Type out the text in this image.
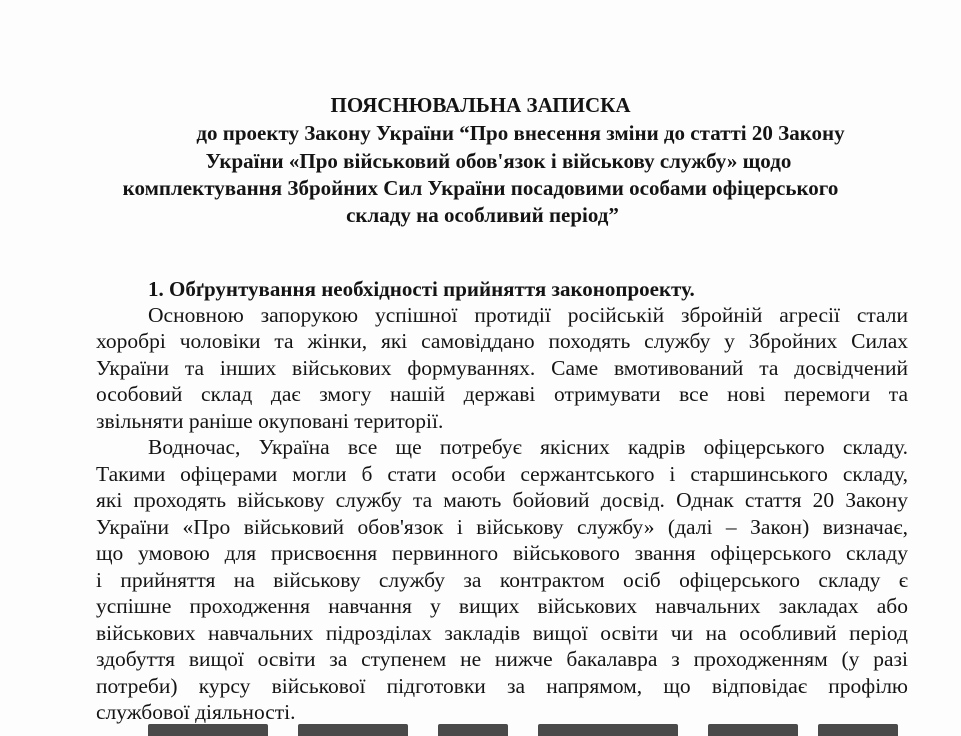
ПОЯСНЮВАЛЬНА ЗАПИСКА
до проекту Закону України “Про внесення зміни до статті 20 Закону
України «Про військовий обов'язок і військову службу» щодо
комплектування Збройних Сил України посадовими особами офіцерського
складу на особливий період”
1. Обґрунтування необхідності прийняття законопроекту.
Основною запорукою успішної протидії російській збройній агресії стали
хоробрі чоловіки та жінки, які самовіддано походять службу у Збройних Силах
України та інших військових формуваннях. Саме вмотивований та досвідчений
особовий склад дає змогу нашій державі отримувати все нові перемоги та
звільняти раніше окуповані території.
Водночас, Україна все ще потребує якісних кадрів офіцерського складу.
Такими офіцерами могли б стати особи сержантського і старшинського складу,
які проходять військову службу та мають бойовий досвід. Однак стаття 20 Закону
України «Про військовий обов'язок і військову службу» (далі – Закон) визначає,
що умовою для присвоєння первинного військового звання офіцерського складу
і прийняття на військову службу за контрактом осіб офіцерського складу є
успішне проходження навчання у вищих військових навчальних закладах або
військових навчальних підрозділах закладів вищої освіти чи на особливий період
здобуття вищої освіти за ступенем не нижче бакалавра з проходженням (у разі
потреби) курсу військової підготовки за напрямом, що відповідає профілю
службової діяльності.
